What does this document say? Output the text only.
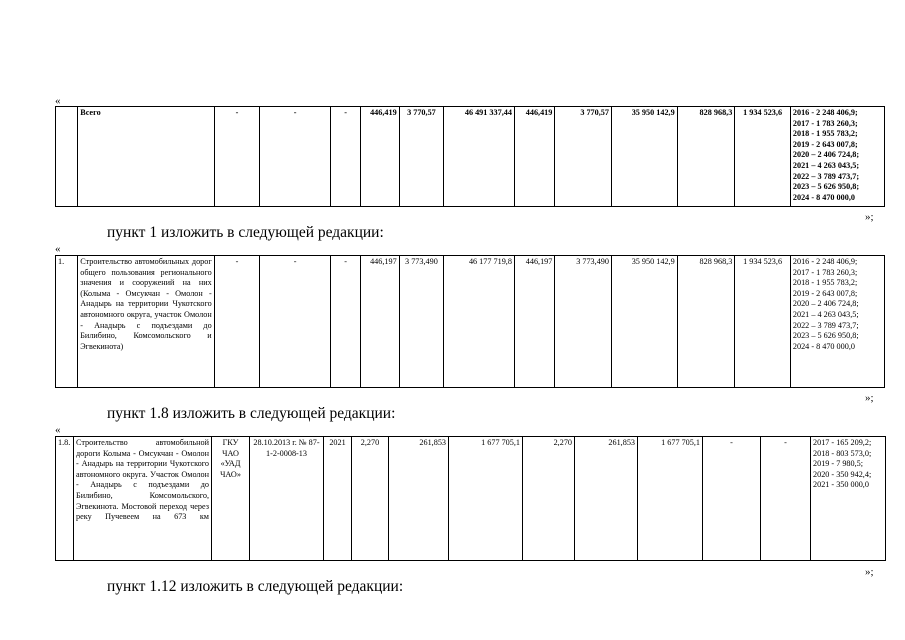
«
	Всего	-	-	-	446,419	3 770,57	46 491 337,44	446,419	3 770,57	35 950 142,9	828 968,3	1 934 523,6	2016 - 2 248 406,9;
2017 - 1 783 260,3;
2018 - 1 955 783,2;
2019 - 2 643 007,8;
2020 – 2 406 724,8;
2021 – 4 263 043,5;
2022 – 3 789 473,7;
2023 – 5 626 950,8;
2024 - 8 470 000,0
»;
пункт 1 изложить в следующей редакции:
«
1.	Строительство автомобильных дорог общего пользования регионального значения и сооружений на них (Колыма - Омсукчан - Омолон - Анадырь на территории Чукотского автономного округа, участок Омолон - Анадырь с подъездами до Билибино, Комсомольского и Эгвекинота)	-	-	-	446,197	3 773,490	46 177 719,8	446,197	3 773,490	35 950 142,9	828 968,3	1 934 523,6	2016 - 2 248 406,9;
2017 - 1 783 260,3;
2018 - 1 955 783,2;
2019 - 2 643 007,8;
2020 – 2 406 724,8;
2021 – 4 263 043,5;
2022 – 3 789 473,7;
2023 – 5 626 950,8;
2024 - 8 470 000,0
»;
пункт 1.8 изложить в следующей редакции:
«
1.8.	Строительство автомобильной дороги Колыма - Омсукчан - Омолон - Анадырь на территории Чукотского автономного округа. Участок Омолон - Анадырь с подъездами до Билибино, Комсомольского, Эгвекинота. Мостовой переход через реку Пучевеем на 673 км	ГКУ ЧАО «УАД ЧАО»	28.10.2013 г. № 87-1-2-0008-13	2021	2,270	261,853	1 677 705,1	2,270	261,853	1 677 705,1	-	-	2017 - 165 209,2;
2018 - 803 573,0;
2019 - 7 980,5;
2020 - 350 942,4;
2021 - 350 000,0
»;
пункт 1.12 изложить в следующей редакции:
